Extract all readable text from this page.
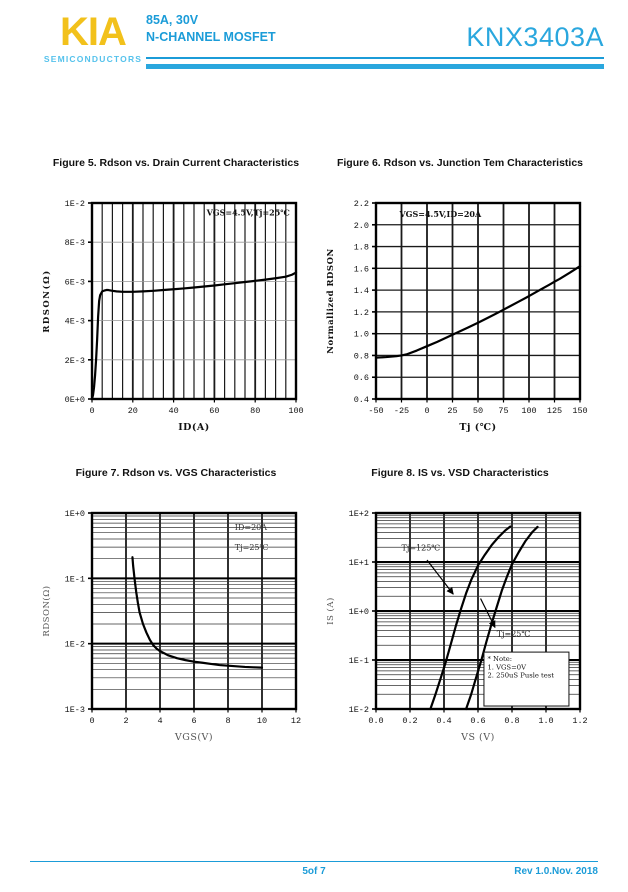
KIA
SEMICONDUCTORS
85A, 30V
N-CHANNEL MOSFET	KNX3403A
Figure 5. Rdson vs. Drain Current Characteristics
0	20	40	60	80	100
0E+0
2E-3
4E-3
6E-3
8E-3
1E-2
ID(A)
RDSON(Ω)
VGS=4.5V,Tj=25℃
Figure 6. Rdson vs. Junction Tem Characteristics
-50 -25 0 25 50 75 100 125 150
0.4
0.6
0.8
1.0
1.2
1.4
1.6
1.8
2.0
2.2
Tj (℃)
Normallized RDSON
VGS=4.5V,ID=20A
Figure 7. Rdson vs. VGS Characteristics
0	2	4	6	8	10	12
1E+0
1E-1
1E-2
1E-3
VGS(V)
RDSON(Ω)
ID=20A
Tj=25℃
Figure 8. IS vs. VSD Characteristics
0.0 0.2 0.4 0.6 0.8 1.0 1.2
1E+2
1E+1
1E+0
1E-1
1E-2
VS (V)
IS (A)
Tj=125℃
Tj=25℃
* Note:
1. VGS=0V
2. 250uS Pusle test
5of 7	Rev 1.0.Nov. 2018
